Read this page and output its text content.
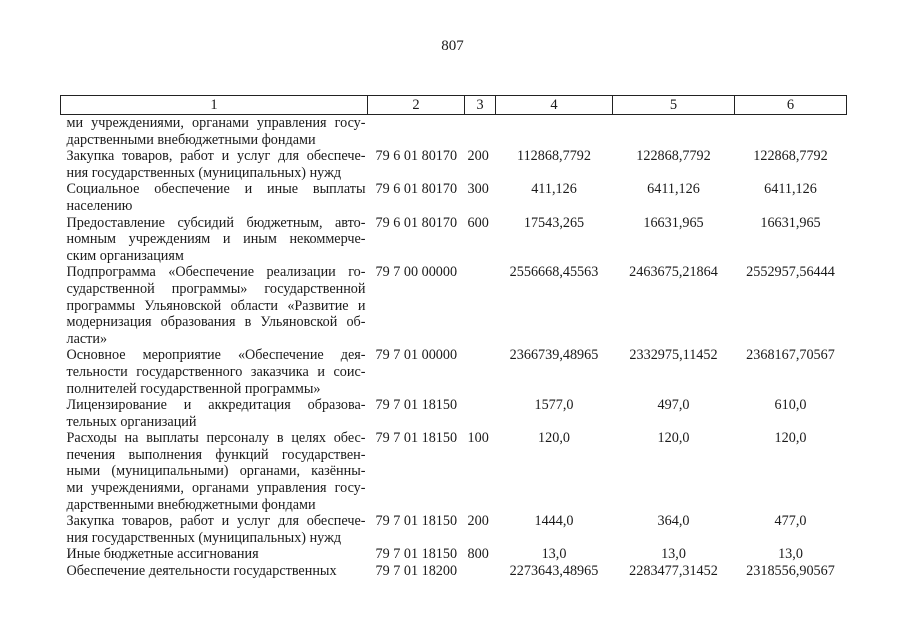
807
1	2	3	4	5	6

ми учреждениями, органами управления госу-
дарственными внебюджетными фондами					

Закупка товаров, работ и услуг для обеспече-
ния государственных (муниципальных) нужд	79 6 01 80170	200	112868,7792	122868,7792	122868,7792

Социальное обеспечение и иные выплаты
населению	79 6 01 80170	300	411,126	6411,126	6411,126

Предоставление субсидий бюджетным, авто-
номным учреждениям и иным некоммерче-
ским организациям	79 6 01 80170	600	17543,265	16631,965	16631,965

Подпрограмма «Обеспечение реализации го-
сударственной программы» государственной
программы Ульяновской области «Развитие и
модернизация образования в Ульяновской об-
ласти»	79 7 00 00000		2556668,45563	2463675,21864	2552957,56444

Основное мероприятие «Обеспечение дея-
тельности государственного заказчика и соис-
полнителей государственной программы»	79 7 01 00000		2366739,48965	2332975,11452	2368167,70567

Лицензирование и аккредитация образова-
тельных организаций	79 7 01 18150		1577,0	497,0	610,0

Расходы на выплаты персоналу в целях обес-
печения выполнения функций государствен-
ными (муниципальными) органами, казённы-
ми учреждениями, органами управления госу-
дарственными внебюджетными фондами	79 7 01 18150	100	120,0	120,0	120,0

Закупка товаров, работ и услуг для обеспече-
ния государственных (муниципальных) нужд	79 7 01 18150	200	1444,0	364,0	477,0

Иные бюджетные ассигнования	79 7 01 18150	800	13,0	13,0	13,0

Обеспечение деятельности государственных	79 7 01 18200		2273643,48965	2283477,31452	2318556,90567
